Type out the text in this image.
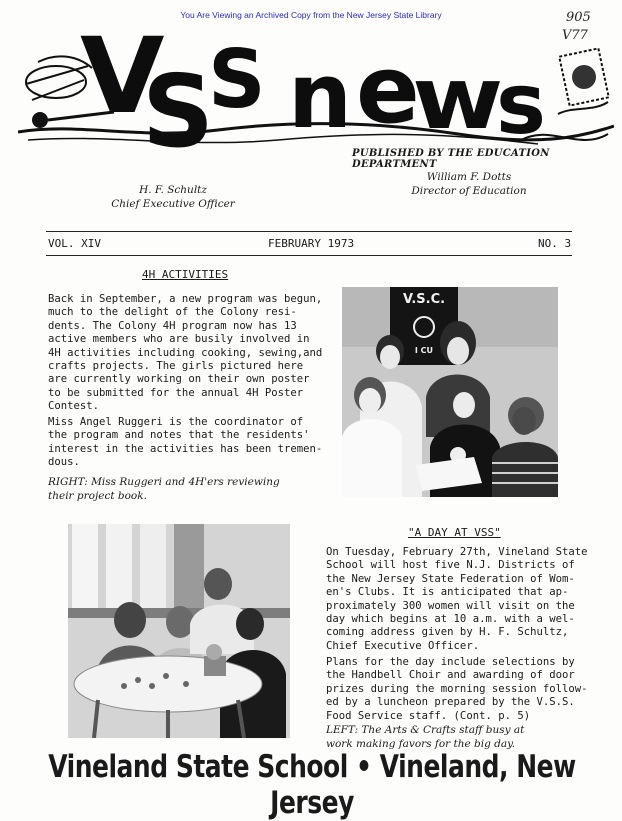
You Are Viewing an Archived Copy from the New Jersey State Library	905
V77
V
S
S n e
w
s
PUBLISHED BY THE EDUCATION DEPARTMENT
H. F. Schultz
Chief Executive Officer
William F. Dotts
Director of Education
VOL. XIV	FEBRUARY 1973	NO. 3
4H ACTIVITIES
Back in September, a new program was begun,
much to the delight of the Colony resi-
dents. The Colony 4H program now has 13
active members who are busily involved in
4H activities including cooking, sewing,and
crafts projects. The girls pictured here
are currently working on their own poster
to be submitted for the annual 4H Poster
Contest.
Miss Angel Ruggeri is the coordinator of
the program and notes that the residents'
interest in the activities has been tremen-
dous.
RIGHT: Miss Ruggeri and 4H'ers reviewing
their project book.
V.S.C.
I CU
"A DAY AT VSS"
On Tuesday, February 27th, Vineland State
School will host five N.J. Districts of
the New Jersey State Federation of Wom-
en's Clubs. It is anticipated that ap-
proximately 300 women will visit on the
day which begins at 10 a.m. with a wel-
coming address given by H. F. Schultz,
Chief Executive Officer.
Plans for the day include selections by
the Handbell Choir and awarding of door
prizes during the morning session follow-
ed by a luncheon prepared by the V.S.S.
Food Service staff. (Cont. p. 5)
LEFT: The Arts & Crafts staff busy at
work making favors for the big day.
Vineland State School • Vineland, New Jersey
